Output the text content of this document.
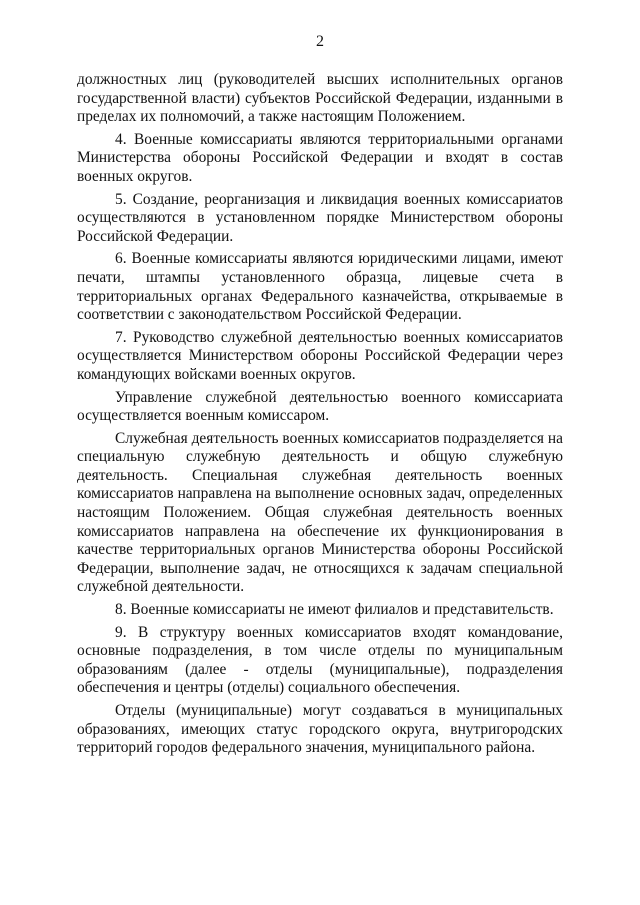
2

должностных лиц (руководителей высших исполнительных органов государственной власти) субъектов Российской Федерации, изданными в пределах их полномочий, а также настоящим Положением.

4. Военные комиссариаты являются территориальными органами Министерства обороны Российской Федерации и входят в состав военных округов.

5. Создание, реорганизация и ликвидация военных комиссариатов осуществляются в установленном порядке Министерством обороны Российской Федерации.

6. Военные комиссариаты являются юридическими лицами, имеют печати, штампы установленного образца, лицевые счета в территориальных органах Федерального казначейства, открываемые в соответствии с законодательством Российской Федерации.

7. Руководство служебной деятельностью военных комиссариатов осуществляется Министерством обороны Российской Федерации через командующих войсками военных округов.

Управление служебной деятельностью военного комиссариата осуществляется военным комиссаром.

Служебная деятельность военных комиссариатов подразделяется на специальную служебную деятельность и общую служебную деятельность. Специальная служебная деятельность военных комиссариатов направлена на выполнение основных задач, определенных настоящим Положением. Общая служебная деятельность военных комиссариатов направлена на обеспечение их функционирования в качестве территориальных органов Министерства обороны Российской Федерации, выполнение задач, не относящихся к задачам специальной служебной деятельности.

8. Военные комиссариаты не имеют филиалов и представительств.

9. В структуру военных комиссариатов входят командование, основные подразделения, в том числе отделы по муниципальным образованиям (далее - отделы (муниципальные), подразделения обеспечения и центры (отделы) социального обеспечения.

Отделы (муниципальные) могут создаваться в муниципальных образованиях, имеющих статус городского округа, внутригородских территорий городов федерального значения, муниципального района.
